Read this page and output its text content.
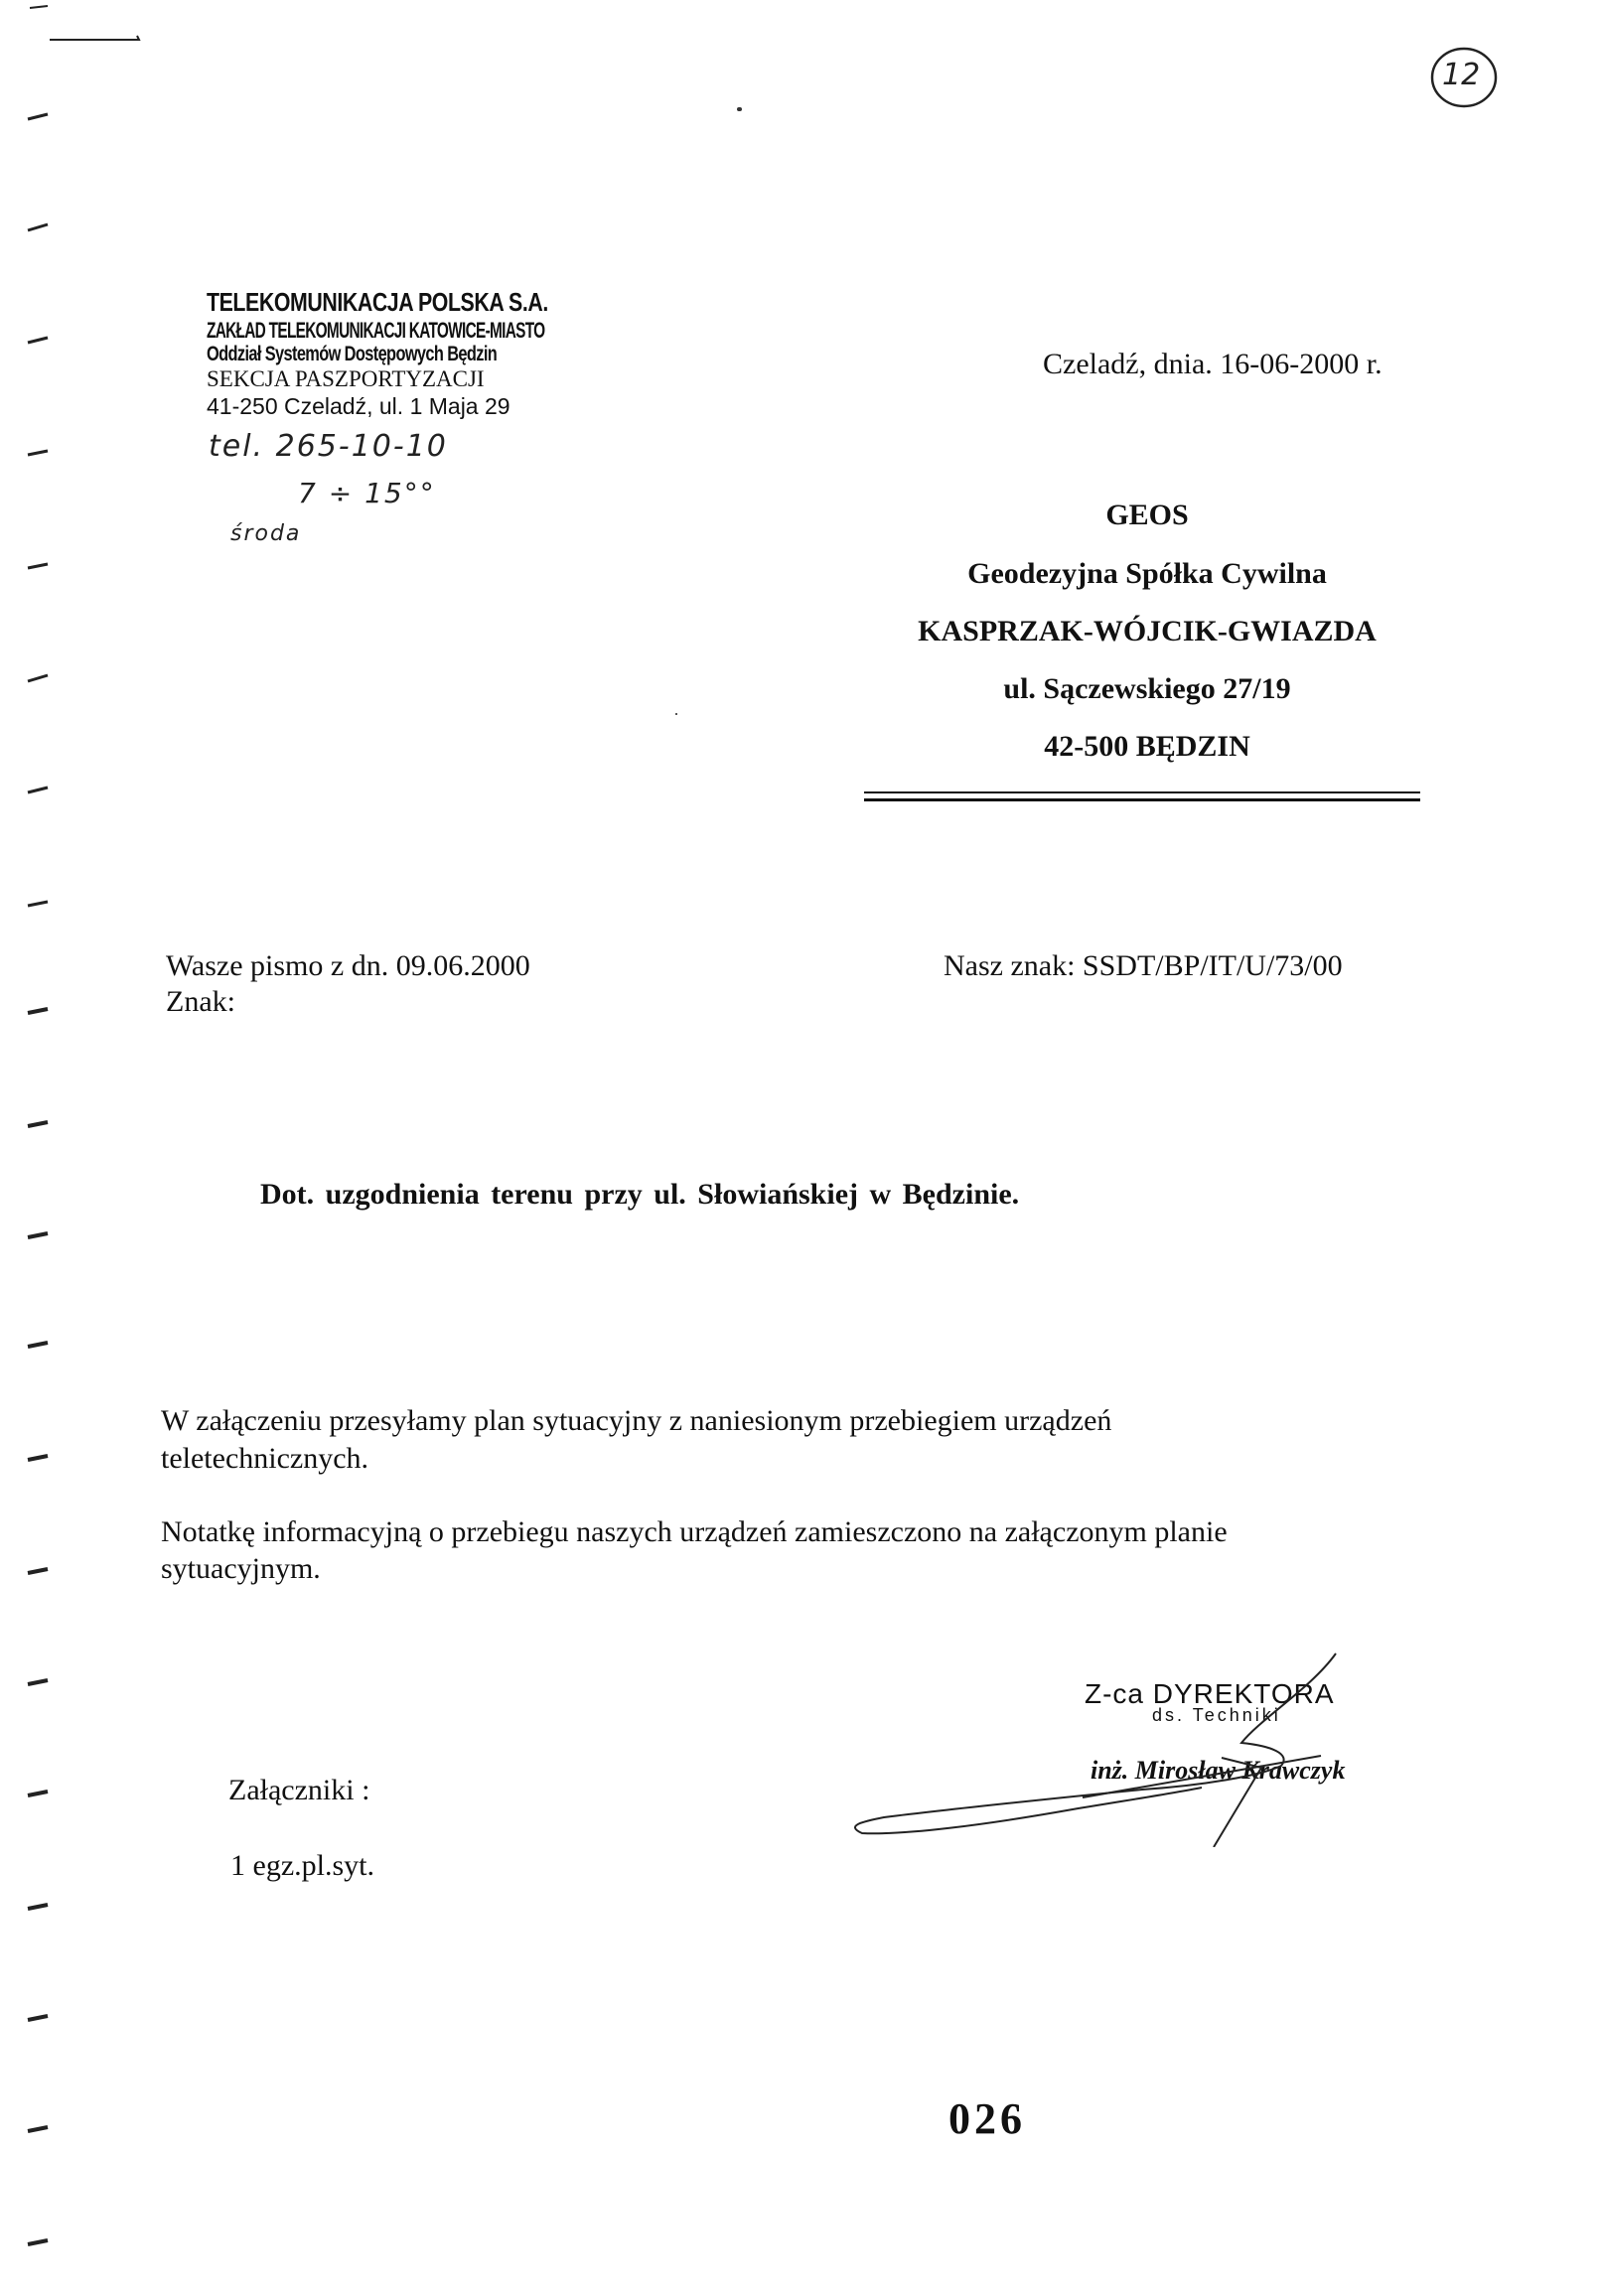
12
TELEKOMUNIKACJA POLSKA S.A.
ZAKŁAD TELEKOMUNIKACJI KATOWICE-MIASTO
Oddział Systemów Dostępowych Będzin
SEKCJA PASZPORTYZACJI
41-250 Czeladź, ul. 1 Maja 29
tel. 265-10-10
7 ÷ 15°°
środa
Czeladź, dnia. 16-06-2000 r.
GEOS
Geodezyjna Spółka Cywilna
KASPRZAK-WÓJCIK-GWIAZDA
ul. Sączewskiego 27/19
42-500 BĘDZIN
Wasze pismo z dn. 09.06.2000
Znak:
Nasz znak: SSDT/BP/IT/U/73/00
Dot. uzgodnienia terenu przy ul. Słowiańskiej w Będzinie.
W załączeniu przesyłamy plan sytuacyjny z naniesionym przebiegiem urządzeń
teletechnicznych.
Notatkę informacyjną o przebiegu naszych urządzeń zamieszczono na załączonym planie
sytuacyjnym.
Z-ca DYREKTORA
ds. Techniki
inż. Mirosław Krawczyk
Załączniki :
1 egz.pl.syt.
026
